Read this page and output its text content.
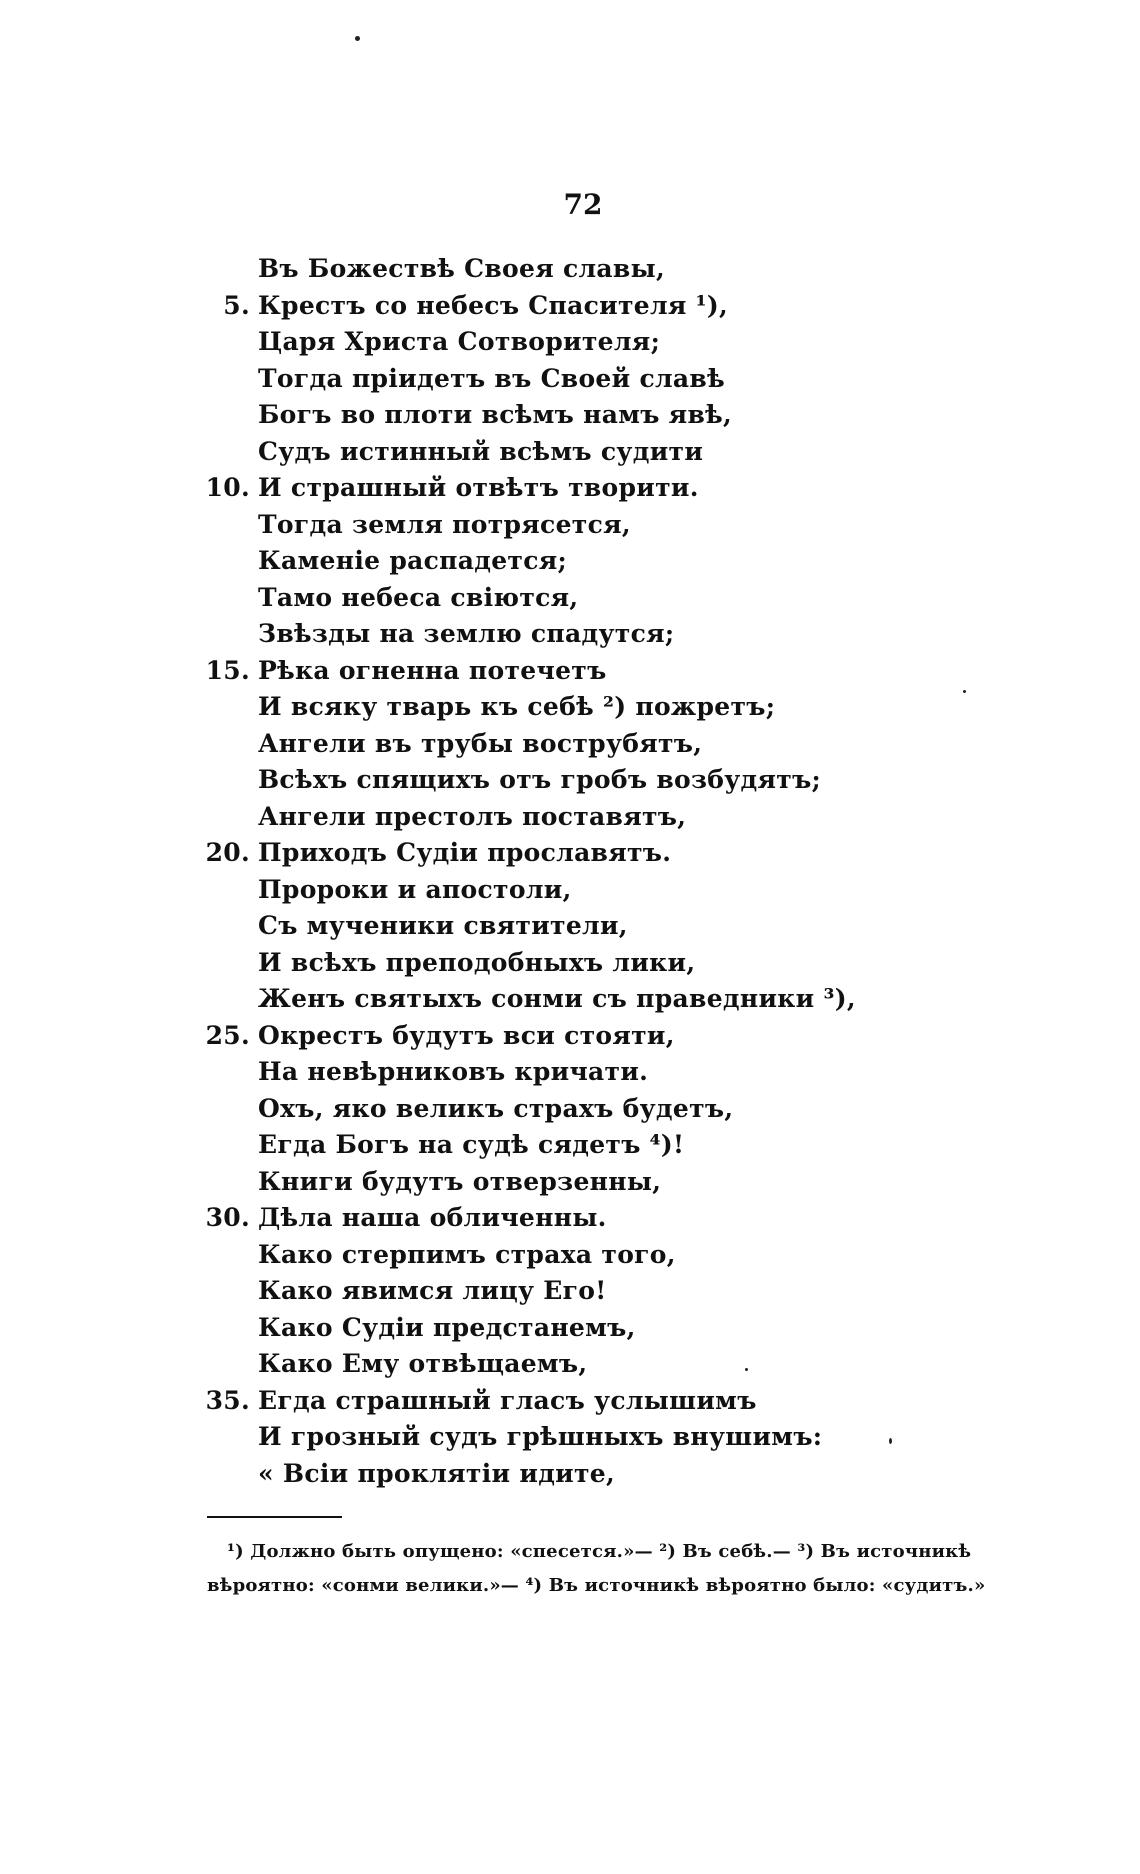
72
Въ Божествѣ Своея славы,
5. Крестъ со небесъ Спасителя ¹),
Царя Христа Сотворителя;
Тогда пріидетъ въ Своей славѣ
Богъ во плоти всѣмъ намъ явѣ,
Судъ истинный всѣмъ судити
10. И страшный отвѣтъ творити.
Тогда земля потрясется,
Каменіе распадется;
Тамо небеса свіются,
Звѣзды на землю спадутся;
15. Рѣка огненна потечетъ
И всяку тварь къ себѣ ²) пожретъ;
Ангели въ трубы вострубятъ,
Всѣхъ спящихъ отъ гробъ возбудятъ;
Ангели престолъ поставятъ,
20. Приходъ Судіи прославятъ.
Пророки и апостоли,
Съ мученики святители,
И всѣхъ преподобныхъ лики,
Женъ святыхъ сонми съ праведники ³),
25. Окрестъ будутъ вси стояти,
На невѣрниковъ кричати.
Охъ, яко великъ страхъ будетъ,
Егда Богъ на судѣ сядетъ ⁴)!
Книги будутъ отверзенны,
30. Дѣла наша обличенны.
Како стерпимъ страха того,
Како явимся лицу Его!
Како Судіи предстанемъ,
Како Ему отвѣщаемъ,
35. Егда страшный гласъ услышимъ
И грозный судъ грѣшныхъ внушимъ:
« Всіи проклятіи идите,
¹) Должно быть опущено: «спесется.»— ²) Въ себѣ.— ³) Въ источникѣ
вѣроятно: «сонми велики.»— ⁴) Въ источникѣ вѣроятно было: «судитъ.»
